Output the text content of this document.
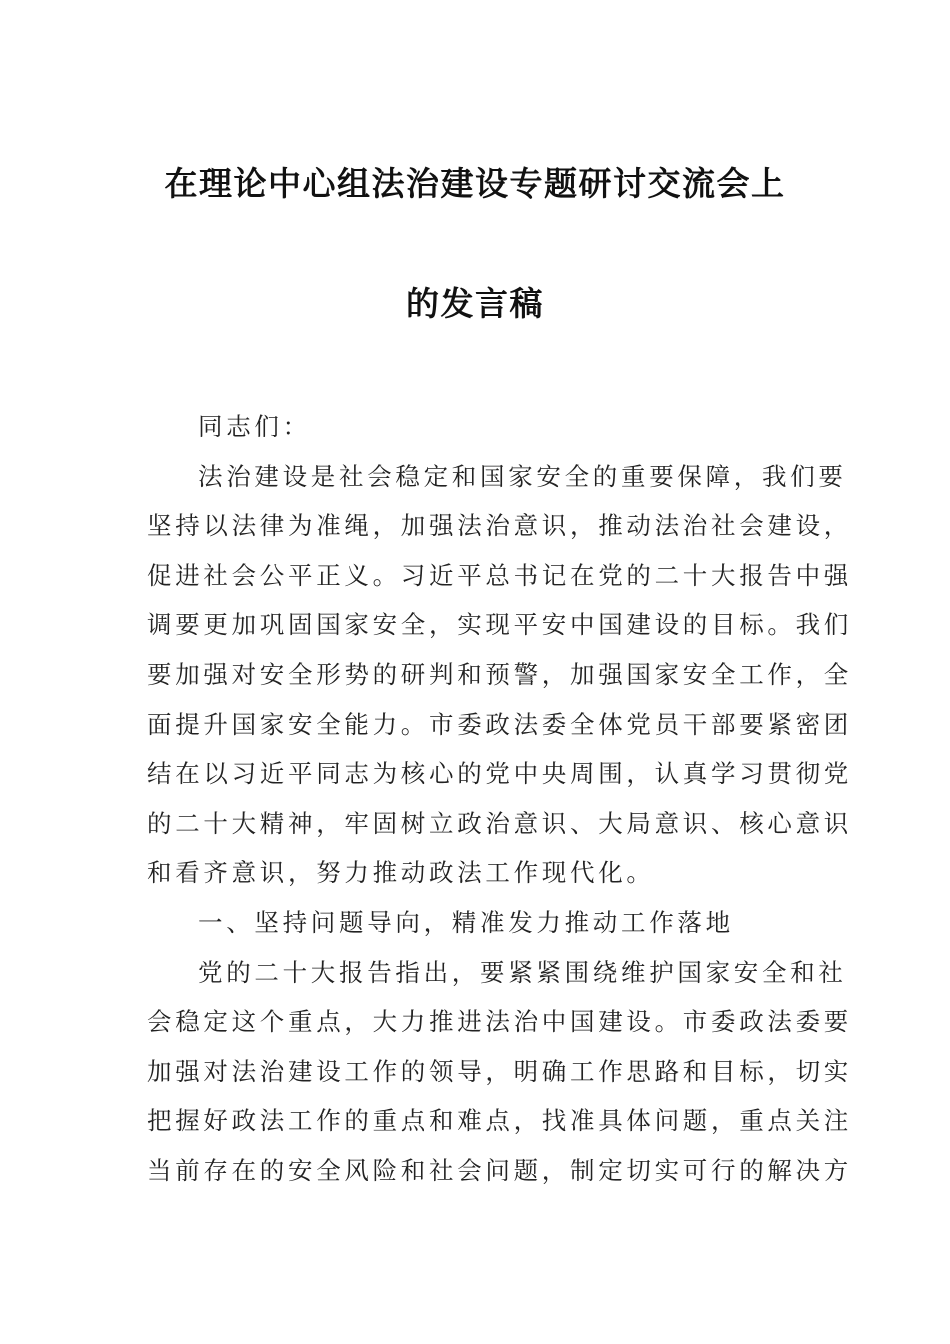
在理论中心组法治建设专题研讨交流会上
的发言稿
同志们：
法治建设是社会稳定和国家安全的重要保障，我们要
坚持以法律为准绳，加强法治意识，推动法治社会建设，
促进社会公平正义。习近平总书记在党的二十大报告中强
调要更加巩固国家安全，实现平安中国建设的目标。我们
要加强对安全形势的研判和预警，加强国家安全工作，全
面提升国家安全能力。市委政法委全体党员干部要紧密团
结在以习近平同志为核心的党中央周围，认真学习贯彻党
的二十大精神，牢固树立政治意识、大局意识、核心意识
和看齐意识，努力推动政法工作现代化。
一、坚持问题导向，精准发力推动工作落地
党的二十大报告指出，要紧紧围绕维护国家安全和社
会稳定这个重点，大力推进法治中国建设。市委政法委要
加强对法治建设工作的领导，明确工作思路和目标，切实
把握好政法工作的重点和难点，找准具体问题，重点关注
当前存在的安全风险和社会问题，制定切实可行的解决方
